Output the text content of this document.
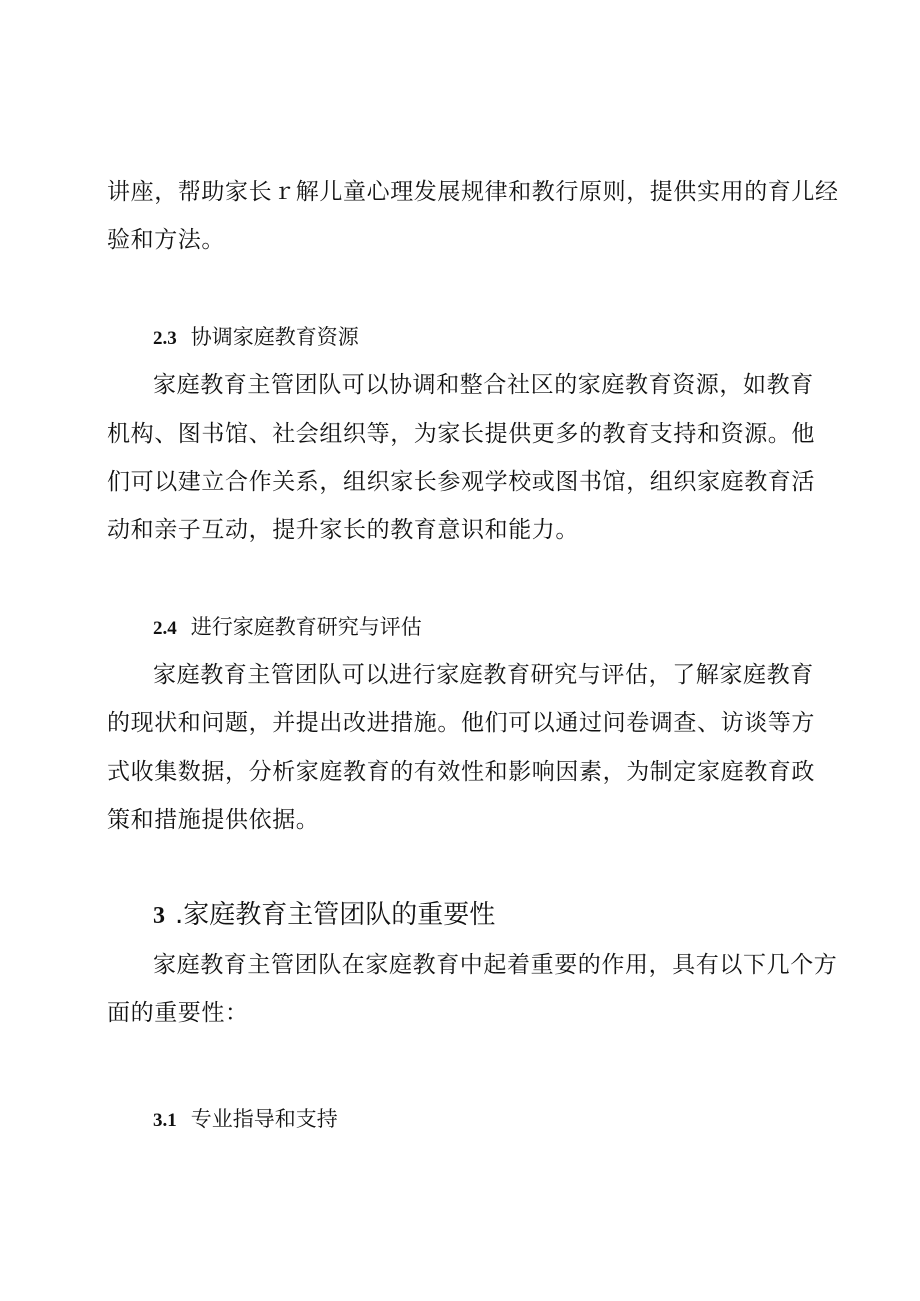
讲座，帮助家长ｒ解儿童心理发展规律和教行原则，提供实用的育儿经
验和方法。
2.3 协调家庭教育资源
家庭教育主管团队可以协调和整合社区的家庭教育资源，如教育
机构、图书馆、社会组织等，为家长提供更多的教育支持和资源。他
们可以建立合作关系，组织家长参观学校或图书馆，组织家庭教育活
动和亲子互动，提升家长的教育意识和能力。
2.4 进行家庭教育研究与评估
家庭教育主管团队可以进行家庭教育研究与评估，了解家庭教育
的现状和问题，并提出改进措施。他们可以通过问卷调查、访谈等方
式收集数据，分析家庭教育的有效性和影响因素，为制定家庭教育政
策和措施提供依据。
3 .家庭教育主管团队的重要性
家庭教育主管团队在家庭教育中起着重要的作用，具有以下几个方
面的重要性：
3.1 专业指导和支持
